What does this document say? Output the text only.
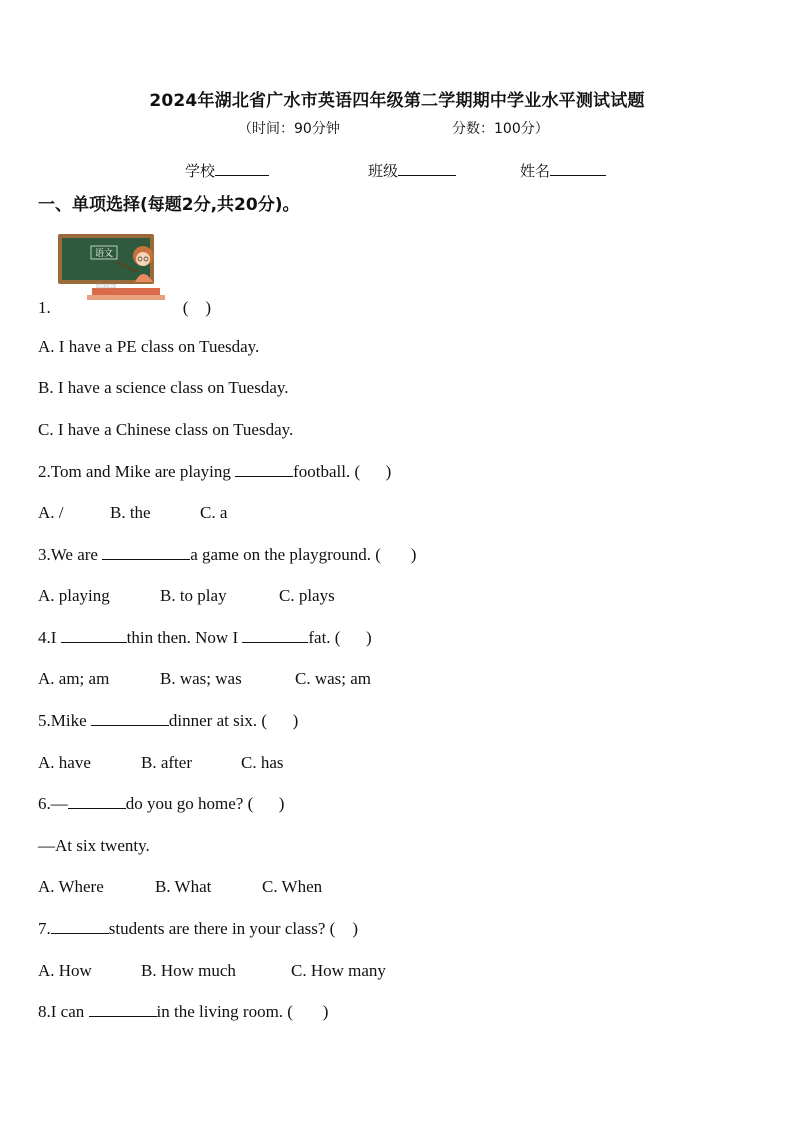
2024年湖北省广水市英语四年级第二学期期中学业水平测试试题
（时间：90分钟	分数：100分）
学校	班级	姓名
一、单项选择(每题2分,共20分)。
语文
1.	(    )
A. I have a PE class on Tuesday.
B. I have a science class on Tuesday.
C. I have a Chinese class on Tuesday.
2.Tom and Mike are playing	football. (      )
A. /	B. the	C. a
3.We are	a game on the playground. (       )
A. playing	B. to play	C. plays
4.I	thin then. Now I	fat. (      )
A. am; am	B. was; was	C. was; am
5.Mike	dinner at six. (      )
A. have	B. after	C. has
6.—	do you go home? (      )
—At six twenty.
A. Where	B. What	C. When
7.	students are there in your class? (    )
A. How	B. How much	C. How many
8.I can	in the living room. (       )
